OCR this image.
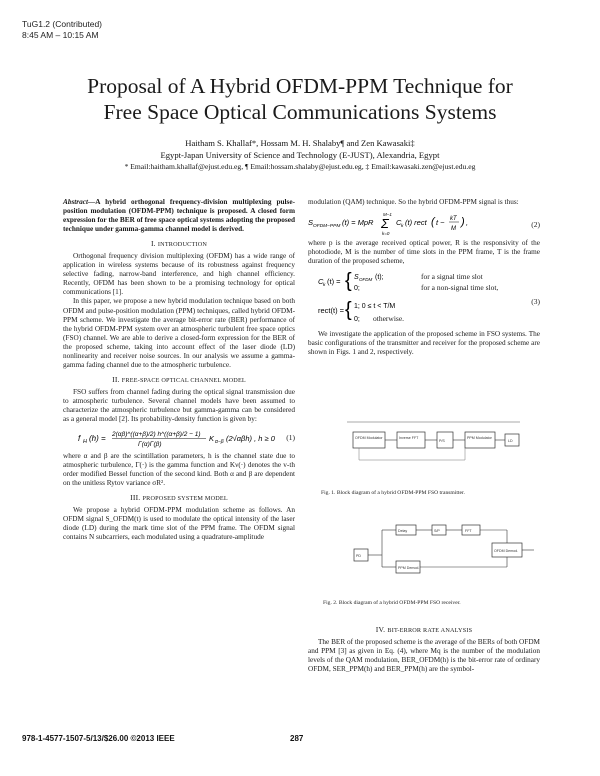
TuG1.2 (Contributed)
8:45 AM – 10:15 AM
Proposal of A Hybrid OFDM-PPM Technique for
Free Space Optical Communications Systems
Haitham S. Khallaf*, Hossam M. H. Shalaby¶ and Zen Kawasaki‡
Egypt-Japan University of Science and Technology (E-JUST), Alexandria, Egypt
* Email:haitham.khallaf@ejust.edu.eg, ¶ Email:hossam.shalaby@ejust.edu.eg, ‡ Email:kawasaki.zen@ejust.edu.eg

Abstract—A hybrid orthogonal frequency-division multiplexing pulse-position modulation (OFDM-PPM) technique is proposed. A closed form expression for the BER of free space optical systems adopting the proposed technique under gamma-gamma channel model is derived.

I. INTRODUCTION

Orthogonal frequency division multiplexing (OFDM) has a wide range of application in wireless systems because of its robustness against frequency selective fading, narrow-band interference, and high channel efficiency. Recently, OFDM has been shown to be a promising technology for optical communications [1].

In this paper, we propose a new hybrid modulation technique based on both OFDM and pulse-position modulation (PPM) techniques, called hybrid OFDM-PPM scheme. We investigate the average bit-error rate (BER) performance of the hybrid OFDM-PPM system over an atmospheric turbulent free space optics (FSO) channel. We are able to derive a closed-form expression for the BER of the proposed scheme, taking into account effect of the laser diode (LD) nonlinearity and receiver noise sources. In our analysis we assume a gamma-gamma fading channel due to the atmospheric turbulence.

II. FREE-SPACE OPTICAL CHANNEL MODEL

FSO suffers from channel fading during the optical signal transmission due to atmospheric turbulence. Several channel models have been assumed to characterize the atmospheric turbulence but gamma-gamma can be considered as a general model [2]. Its probability-density function is given by:

f H (h) = 2(αβ)^((α+β)/2) h^((α+β)/2 − 1)
Γ(α)Γ(β)
K α−β (2√αβh) , h ≥ 0 (1)

where α and β are the scintillation parameters, h is the channel state due to atmospheric turbulence, Γ(·) is the gamma function and Kν(·) denotes the v-th order modified Bessel function of the second kind. Both α and β are dependent on the unitless Rytov variance σR².

III. PROPOSED SYSTEM MODEL

We propose a hybrid OFDM-PPM modulation scheme as follows. An OFDM signal S_OFDM(t) is used to modulate the optical intensity of the laser diode (LD) during the mark time slot of the PPM frame. The OFDM signal contains N subcarriers, each modulated using a quadrature-amplitude

modulation (QAM) technique. So the hybrid OFDM-PPM signal is thus:

S OFDM−PPM (t) = MpR Σ
M−1
k=0
C k (t) rect ( t − kT
M
) ,	(2)

where p is the average received optical power, R is the responsivity of the photodiode, M is the number of time slots in the PPM frame, T is the frame duration of the proposed scheme,

C k (t) = { S OFDM (t);
0;
rect(t) = { 1; 0 ≤ t < T/M
0;
for a signal time slot
for a non-signal time slot,
otherwise.
(3)

We investigate the application of the proposed scheme in FSO systems. The basic configurations of the transmitter and receiver for the proposed scheme are shown in Figs. 1 and 2, respectively.

OFDM Modulator	Inverse FFT
P/S
PPM Modulator
LD
Fig. 1. Block diagram of a hybrid OFDM-PPM FSO transmitter.
PD
Delay	S/P	FFT
PPM Demod.
OFDM Demod.
Fig. 2. Block diagram of a hybrid OFDM-PPM FSO receiver.
IV. BIT-ERROR RATE ANALYSIS

The BER of the proposed scheme is the average of the BERs of both OFDM and PPM [3] as given in Eq. (4), where Mq is the number of the modulation levels of the QAM modulation, BER_OFDM(h) is the bit-error rate of ordinary OFDM, SER_PPM(h) and BER_PPM(h) are the symbol-

978-1-4577-1507-5/13/$26.00 ©2013 IEEE	287
